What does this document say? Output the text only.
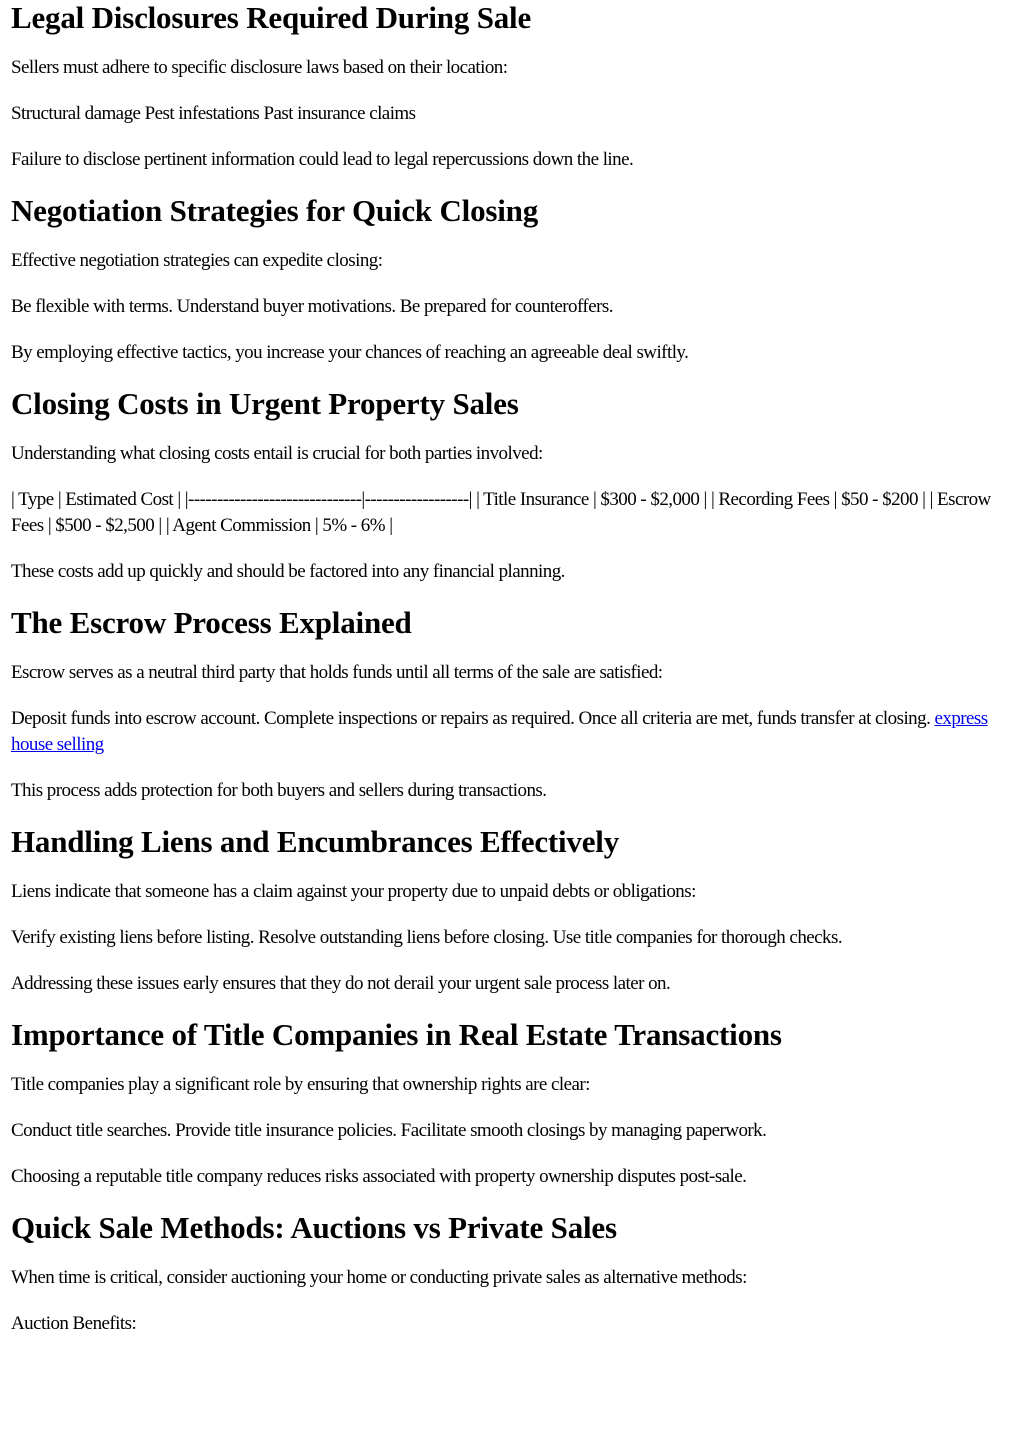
Legal Disclosures Required During Sale

Sellers must adhere to specific disclosure laws based on their location:

Structural damage Pest infestations Past insurance claims

Failure to disclose pertinent information could lead to legal repercussions down the line.

Negotiation Strategies for Quick Closing

Effective negotiation strategies can expedite closing:

Be flexible with terms. Understand buyer motivations. Be prepared for counteroffers.

By employing effective tactics, you increase your chances of reaching an agreeable deal swiftly.

Closing Costs in Urgent Property Sales

Understanding what closing costs entail is crucial for both parties involved:

| Type | Estimated Cost | |------------------------------|------------------| | Title Insurance | $300 - $2,000 | | Recording Fees | $50 - $200 | | Escrow Fees | $500 - $2,500 | | Agent Commission | 5% - 6% |

These costs add up quickly and should be factored into any financial planning.

The Escrow Process Explained

Escrow serves as a neutral third party that holds funds until all terms of the sale are satisfied:

Deposit funds into escrow account. Complete inspections or repairs as required. Once all criteria are met, funds transfer at closing. express house selling

This process adds protection for both buyers and sellers during transactions.

Handling Liens and Encumbrances Effectively

Liens indicate that someone has a claim against your property due to unpaid debts or obligations:

Verify existing liens before listing. Resolve outstanding liens before closing. Use title companies for thorough checks.

Addressing these issues early ensures that they do not derail your urgent sale process later on.

Importance of Title Companies in Real Estate Transactions

Title companies play a significant role by ensuring that ownership rights are clear:

Conduct title searches. Provide title insurance policies. Facilitate smooth closings by managing paperwork.

Choosing a reputable title company reduces risks associated with property ownership disputes post-sale.

Quick Sale Methods: Auctions vs Private Sales

When time is critical, consider auctioning your home or conducting private sales as alternative methods:

Auction Benefits:
